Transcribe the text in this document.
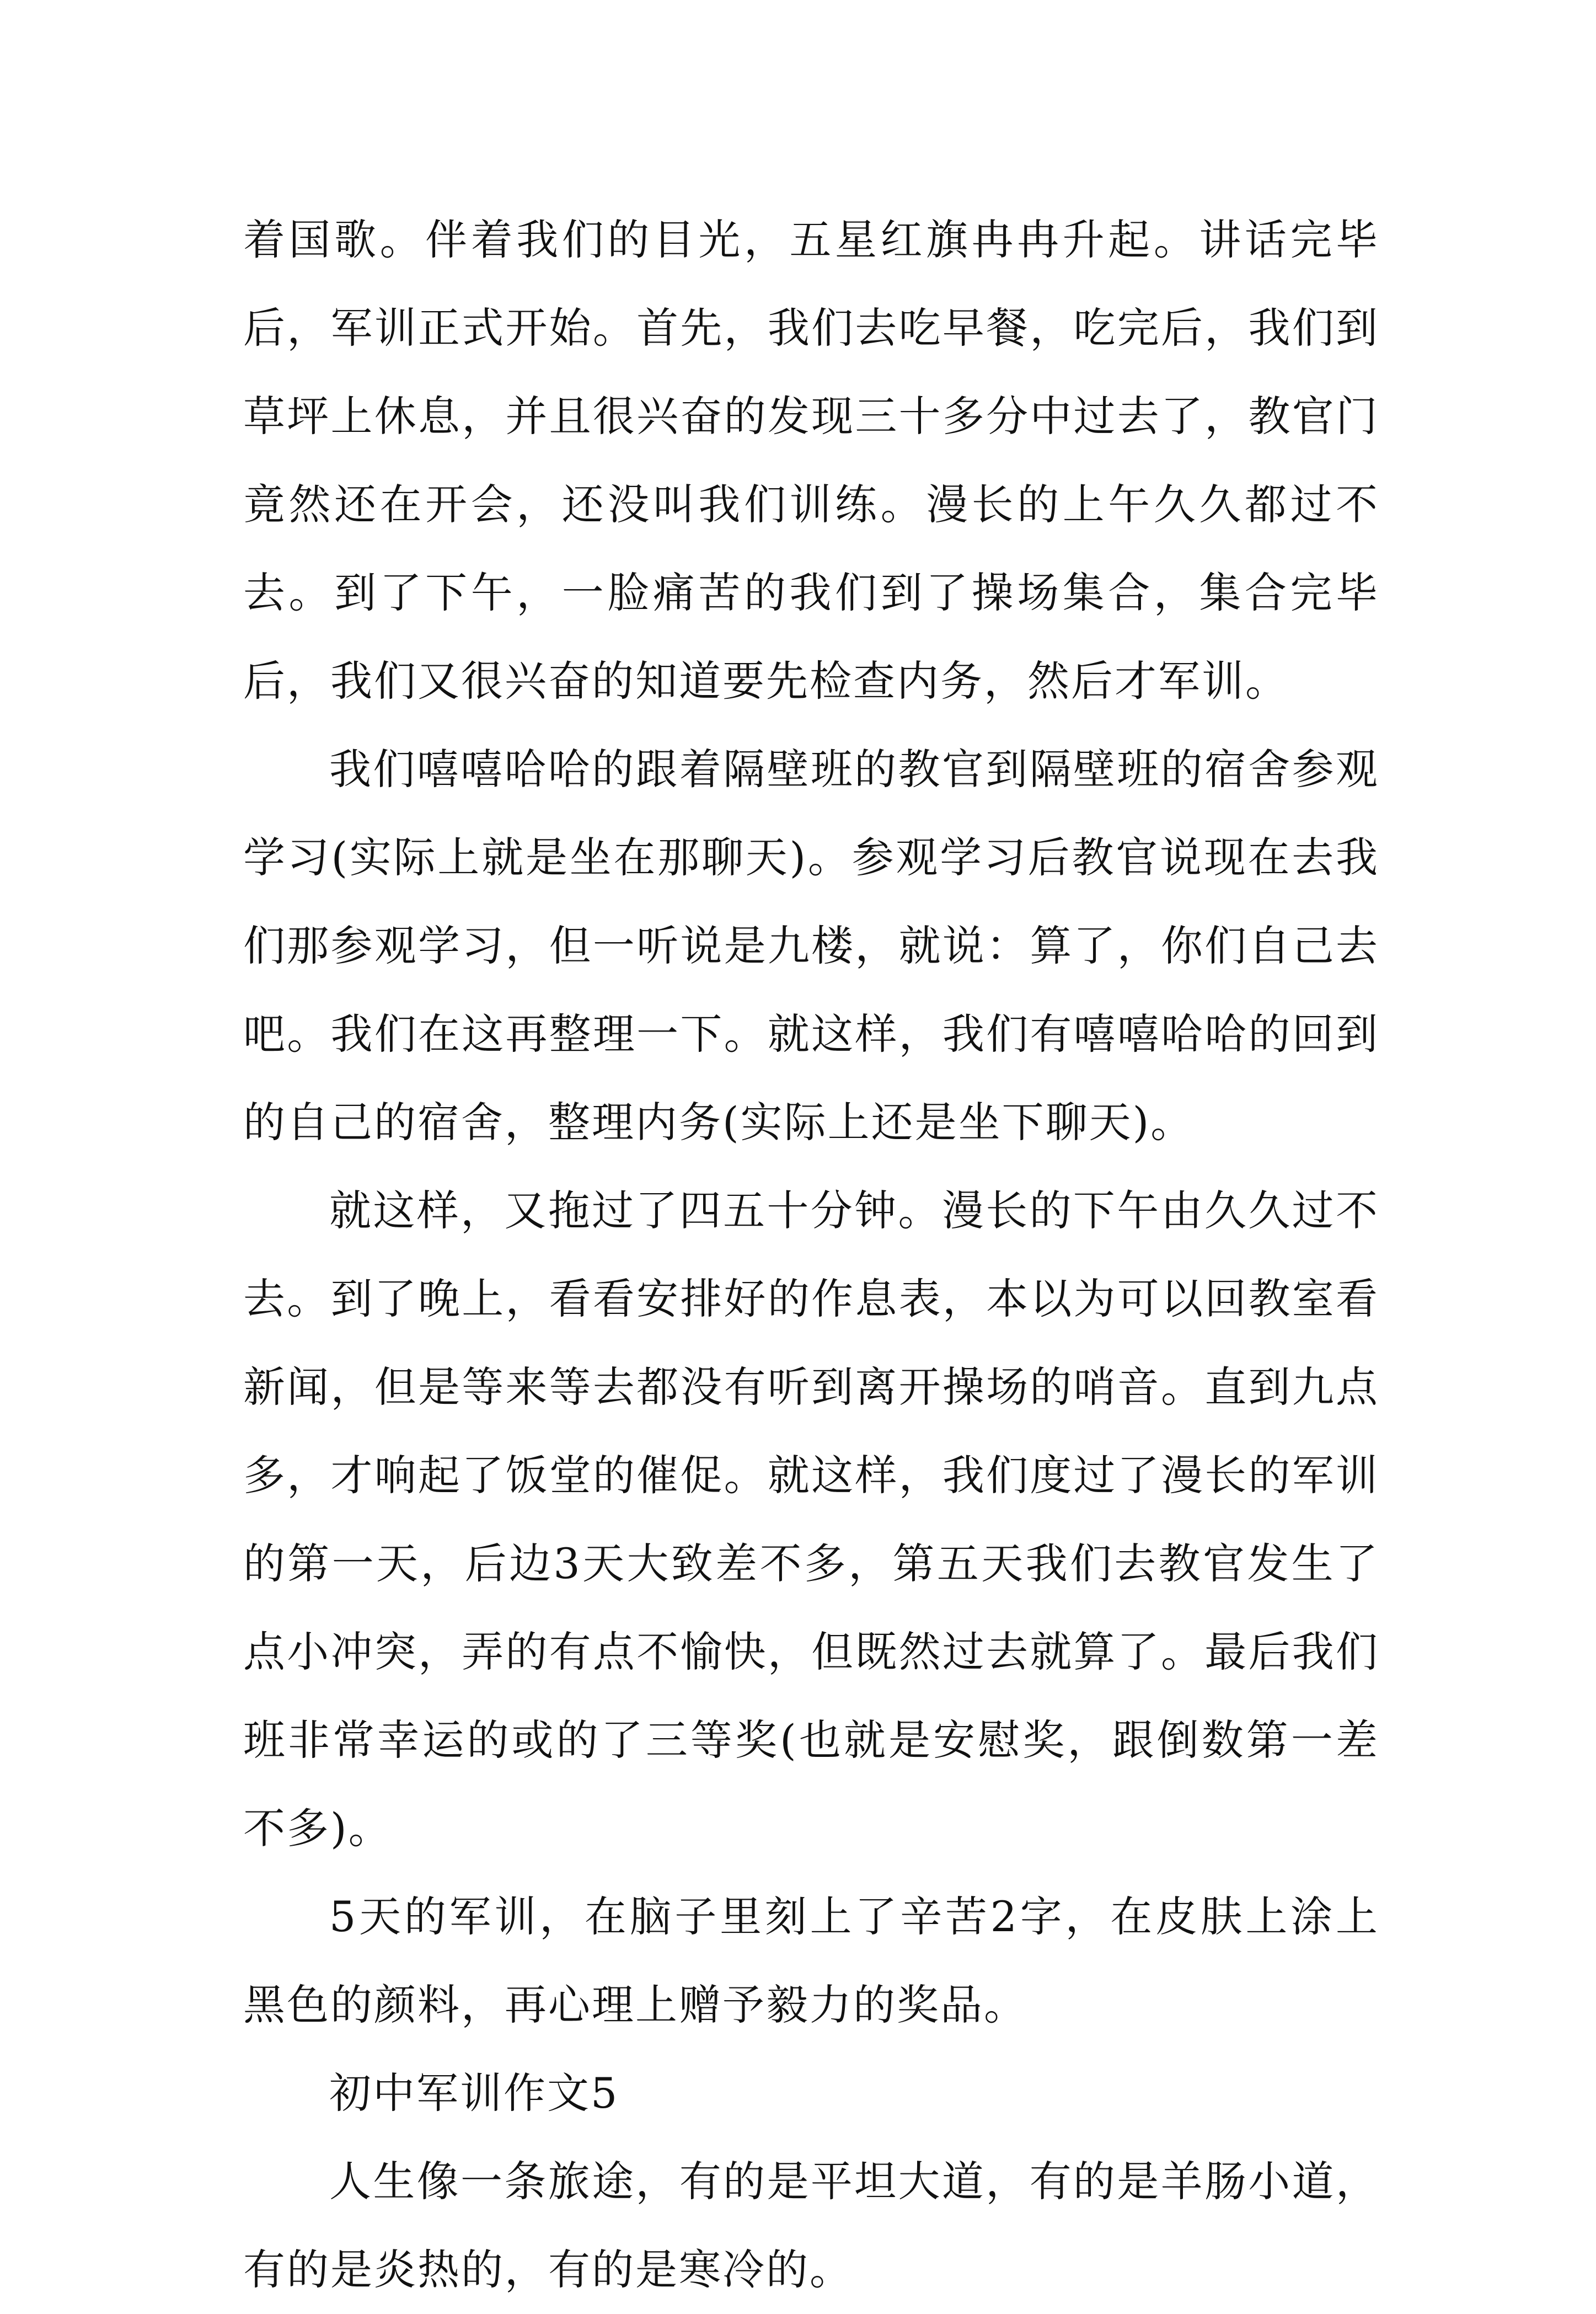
着国歌。伴着我们的目光，五星红旗冉冉升起。讲话完毕后，军训正式开始。首先，我们去吃早餐，吃完后，我们到草坪上休息，并且很兴奋的发现三十多分中过去了，教官门竟然还在开会，还没叫我们训练。漫长的上午久久都过不去。到了下午，一脸痛苦的我们到了操场集合，集合完毕后，我们又很兴奋的知道要先检查内务，然后才军训。

我们嘻嘻哈哈的跟着隔壁班的教官到隔壁班的宿舍参观学习(实际上就是坐在那聊天)。参观学习后教官说现在去我们那参观学习，但一听说是九楼，就说：算了，你们自己去吧。我们在这再整理一下。就这样，我们有嘻嘻哈哈的回到的自己的宿舍，整理内务(实际上还是坐下聊天)。

就这样，又拖过了四五十分钟。漫长的下午由久久过不去。到了晚上，看看安排好的作息表，本以为可以回教室看新闻，但是等来等去都没有听到离开操场的哨音。直到九点多，才响起了饭堂的催促。就这样，我们度过了漫长的军训的第一天，后边3天大致差不多，第五天我们去教官发生了点小冲突，弄的有点不愉快，但既然过去就算了。最后我们班非常幸运的或的了三等奖(也就是安慰奖，跟倒数第一差不多)。

5天的军训，在脑子里刻上了辛苦2字，在皮肤上涂上黑色的颜料，再心理上赠予毅力的奖品。

初中军训作文5

人生像一条旅途，有的是平坦大道，有的是羊肠小道，有的是炎热的，有的是寒冷的。
